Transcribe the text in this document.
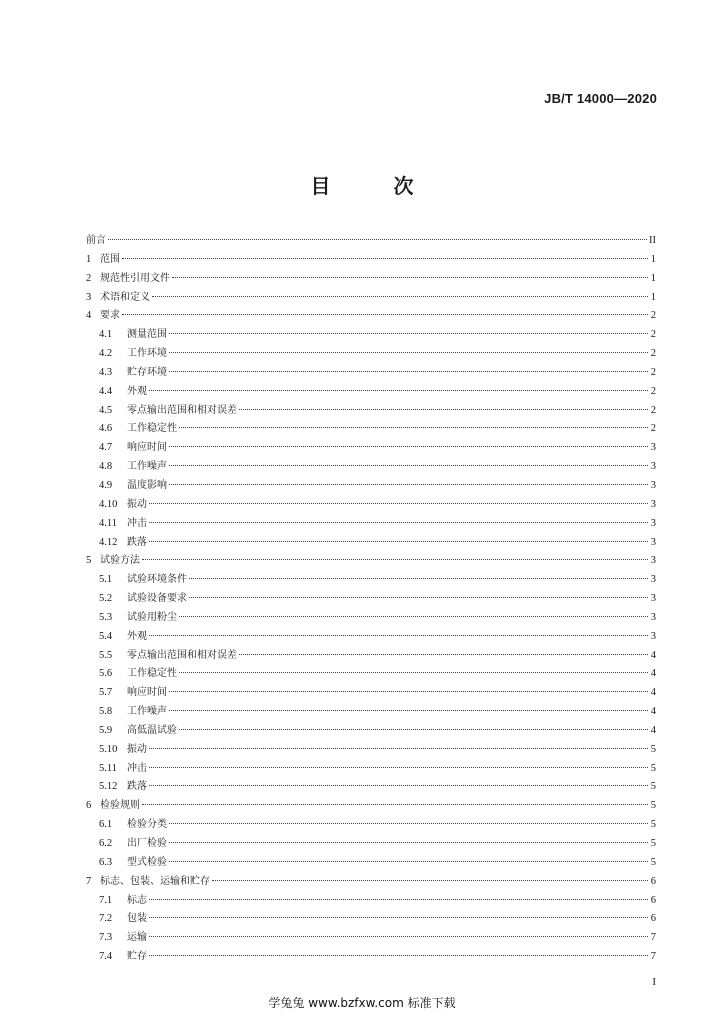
JB/T 14000—2020
目 次
前言	II
1 范围	1
2 规范性引用文件	1
3 术语和定义	1
4 要求	2
4.1	测量范围	2
4.2	工作环境	2
4.3	贮存环境	2
4.4	外观	2
4.5	零点输出范围和相对误差	2
4.6	工作稳定性	2
4.7	响应时间	3
4.8	工作噪声	3
4.9	温度影响	3
4.10 振动	3
4.11	冲击	3
4.12 跌落	3
5 试验方法	3
5.1	试验环境条件	3
5.2	试验设备要求	3
5.3	试验用粉尘	3
5.4	外观	3
5.5	零点输出范围和相对误差	4
5.6	工作稳定性	4
5.7	响应时间	4
5.8	工作噪声	4
5.9	高低温试验	4
5.10 振动	5
5.11	冲击	5
5.12 跌落	5
6 检验规则	5
6.1	检验分类	5
6.2	出厂检验	5
6.3	型式检验	5
7 标志、包装、运输和贮存	6
7.1	标志	6
7.2	包装	6
7.3	运输	7
7.4	贮存	7
I
学兔兔 www.bzfxw.com 标准下载
